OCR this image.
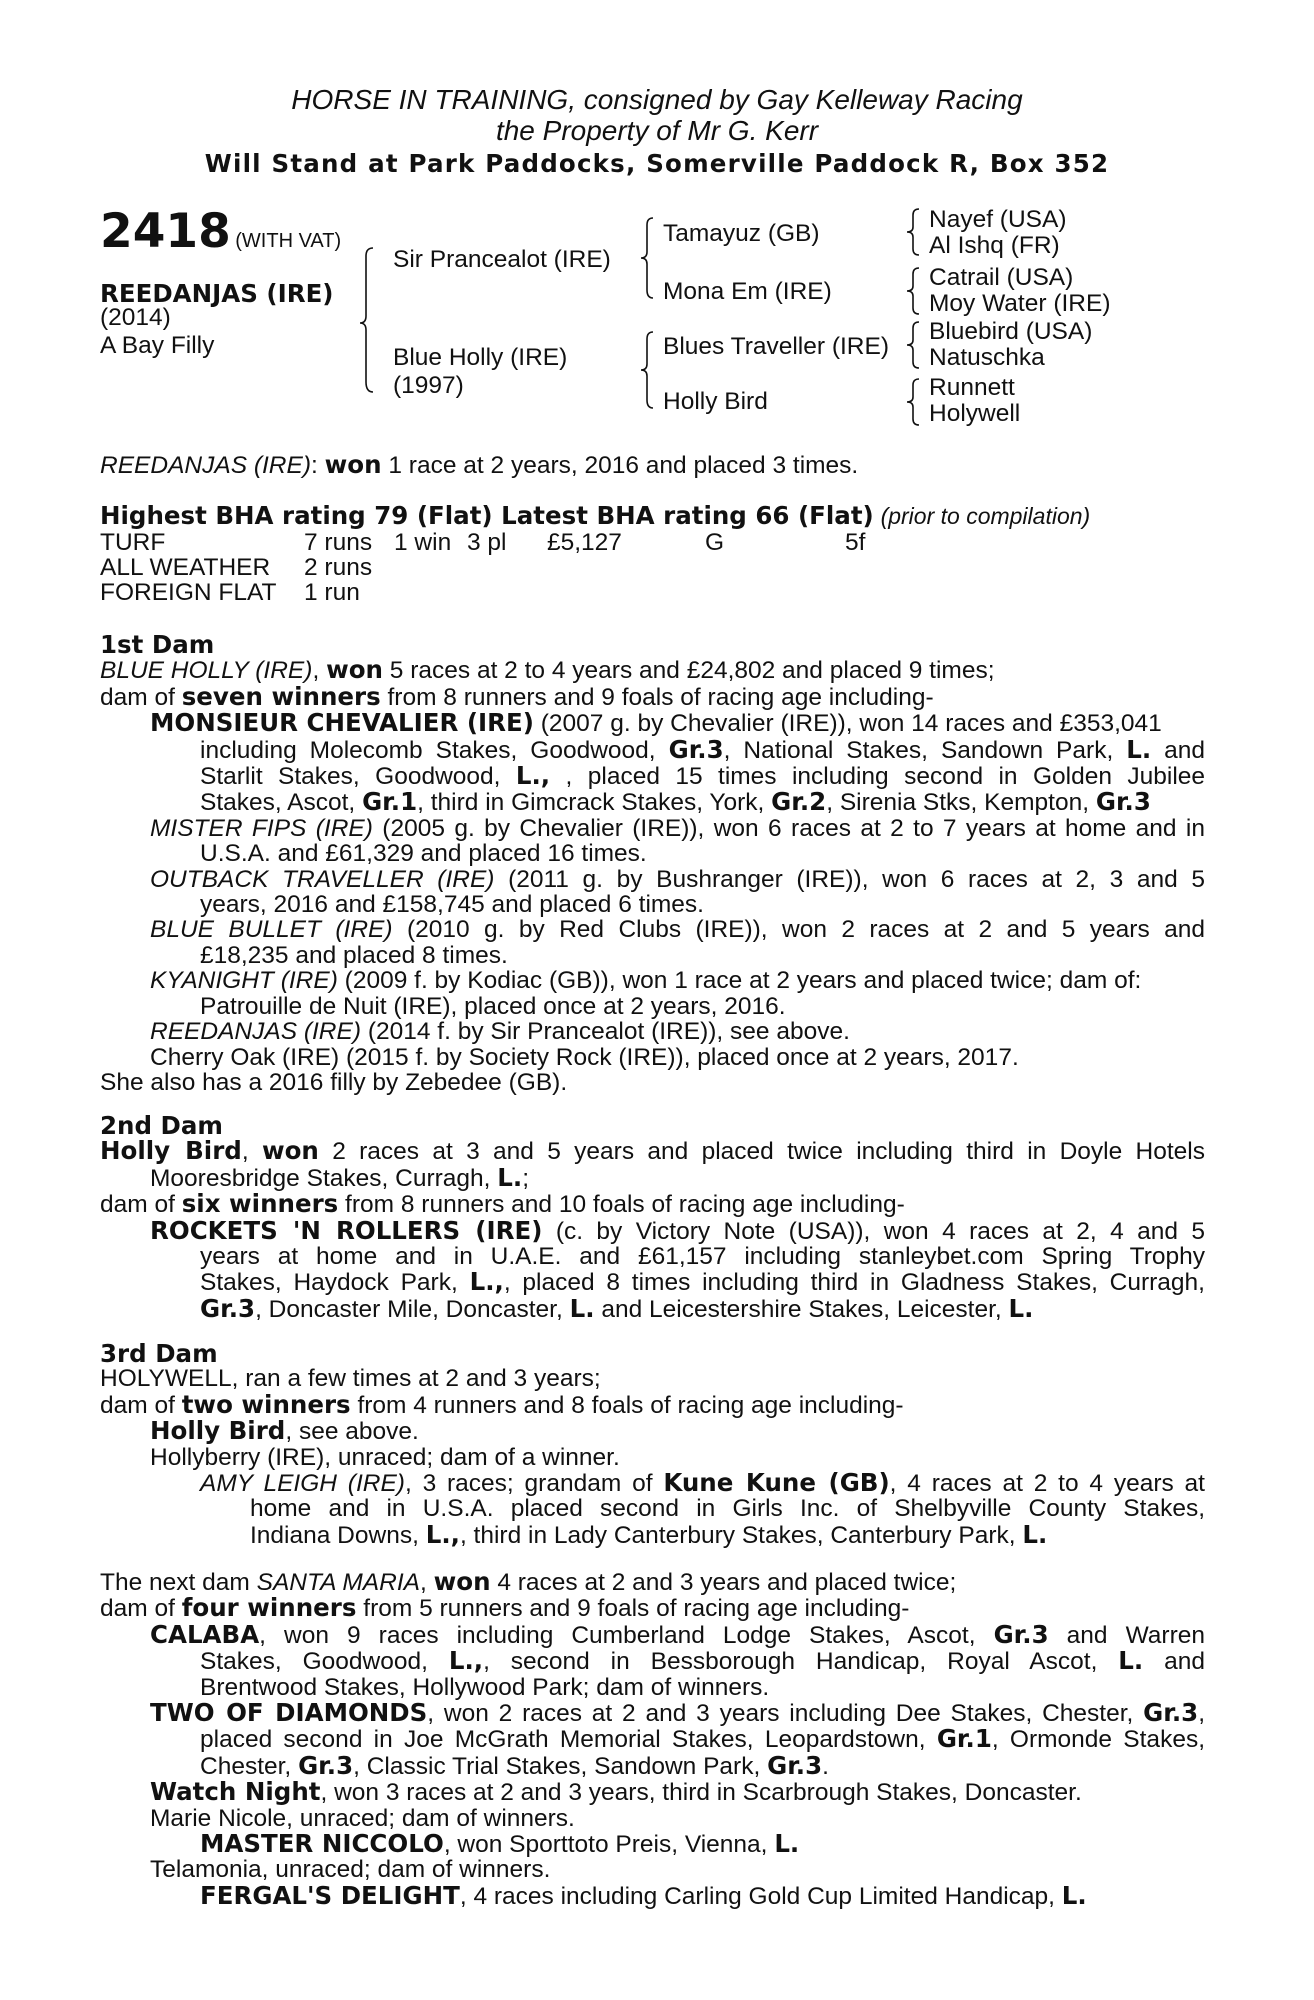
HORSE IN TRAINING, consigned by Gay Kelleway Racing
the Property of Mr G. Kerr
Will Stand at Park Paddocks, Somerville Paddock R, Box 352
2418 (WITH VAT)
REEDANJAS (IRE)
(2014)
A Bay Filly
Sir Prancealot (IRE)
Blue Holly (IRE)
(1997)
Tamayuz (GB)
Mona Em (IRE)
Blues Traveller (IRE)
Holly Bird
Nayef (USA)
Al Ishq (FR)
Catrail (USA)
Moy Water (IRE)
Bluebird (USA)
Natuschka
Runnett
Holywell
REEDANJAS (IRE): won 1 race at 2 years, 2016 and placed 3 times.
Highest BHA rating 79 (Flat) Latest BHA rating 66 (Flat) (prior to compilation)
TURF	7 runs 1 win 3 pl £5,127	G	5f
ALL WEATHER 2 runs
FOREIGN FLAT 1 run

1st Dam

BLUE HOLLY (IRE), won 5 races at 2 to 4 years and £24,802 and placed 9 times;

dam of seven winners from 8 runners and 9 foals of racing age including-

MONSIEUR CHEVALIER (IRE) (2007 g. by Chevalier (IRE)), won 14 races and £353,041

including Molecomb Stakes, Goodwood, Gr.3, National Stakes, Sandown Park, L. and

Starlit Stakes, Goodwood, L., , placed 15 times including second in Golden Jubilee

Stakes, Ascot, Gr.1, third in Gimcrack Stakes, York, Gr.2, Sirenia Stks, Kempton, Gr.3

MISTER FIPS (IRE) (2005 g. by Chevalier (IRE)), won 6 races at 2 to 7 years at home and in

U.S.A. and £61,329 and placed 16 times.

OUTBACK TRAVELLER (IRE) (2011 g. by Bushranger (IRE)), won 6 races at 2, 3 and 5

years, 2016 and £158,745 and placed 6 times.

BLUE BULLET (IRE) (2010 g. by Red Clubs (IRE)), won 2 races at 2 and 5 years and

£18,235 and placed 8 times.

KYANIGHT (IRE) (2009 f. by Kodiac (GB)), won 1 race at 2 years and placed twice; dam of:

Patrouille de Nuit (IRE), placed once at 2 years, 2016.

REEDANJAS (IRE) (2014 f. by Sir Prancealot (IRE)), see above.

Cherry Oak (IRE) (2015 f. by Society Rock (IRE)), placed once at 2 years, 2017.

She also has a 2016 filly by Zebedee (GB).

2nd Dam

Holly Bird, won 2 races at 3 and 5 years and placed twice including third in Doyle Hotels

Mooresbridge Stakes, Curragh, L.;

dam of six winners from 8 runners and 10 foals of racing age including-

ROCKETS 'N ROLLERS (IRE) (c. by Victory Note (USA)), won 4 races at 2, 4 and 5

years at home and in U.A.E. and £61,157 including stanleybet.com Spring Trophy

Stakes, Haydock Park, L.,, placed 8 times including third in Gladness Stakes, Curragh,

Gr.3, Doncaster Mile, Doncaster, L. and Leicestershire Stakes, Leicester, L.

3rd Dam

HOLYWELL, ran a few times at 2 and 3 years;

dam of two winners from 4 runners and 8 foals of racing age including-

Holly Bird, see above.

Hollyberry (IRE), unraced; dam of a winner.

AMY LEIGH (IRE), 3 races; grandam of Kune Kune (GB), 4 races at 2 to 4 years at

home and in U.S.A. placed second in Girls Inc. of Shelbyville County Stakes,

Indiana Downs, L.,, third in Lady Canterbury Stakes, Canterbury Park, L.

The next dam SANTA MARIA, won 4 races at 2 and 3 years and placed twice;

dam of four winners from 5 runners and 9 foals of racing age including-

CALABA, won 9 races including Cumberland Lodge Stakes, Ascot, Gr.3 and Warren

Stakes, Goodwood, L.,, second in Bessborough Handicap, Royal Ascot, L. and

Brentwood Stakes, Hollywood Park; dam of winners.

TWO OF DIAMONDS, won 2 races at 2 and 3 years including Dee Stakes, Chester, Gr.3,

placed second in Joe McGrath Memorial Stakes, Leopardstown, Gr.1, Ormonde Stakes,

Chester, Gr.3, Classic Trial Stakes, Sandown Park, Gr.3.

Watch Night, won 3 races at 2 and 3 years, third in Scarbrough Stakes, Doncaster.

Marie Nicole, unraced; dam of winners.

MASTER NICCOLO, won Sporttoto Preis, Vienna, L.

Telamonia, unraced; dam of winners.

FERGAL'S DELIGHT, 4 races including Carling Gold Cup Limited Handicap, L.
